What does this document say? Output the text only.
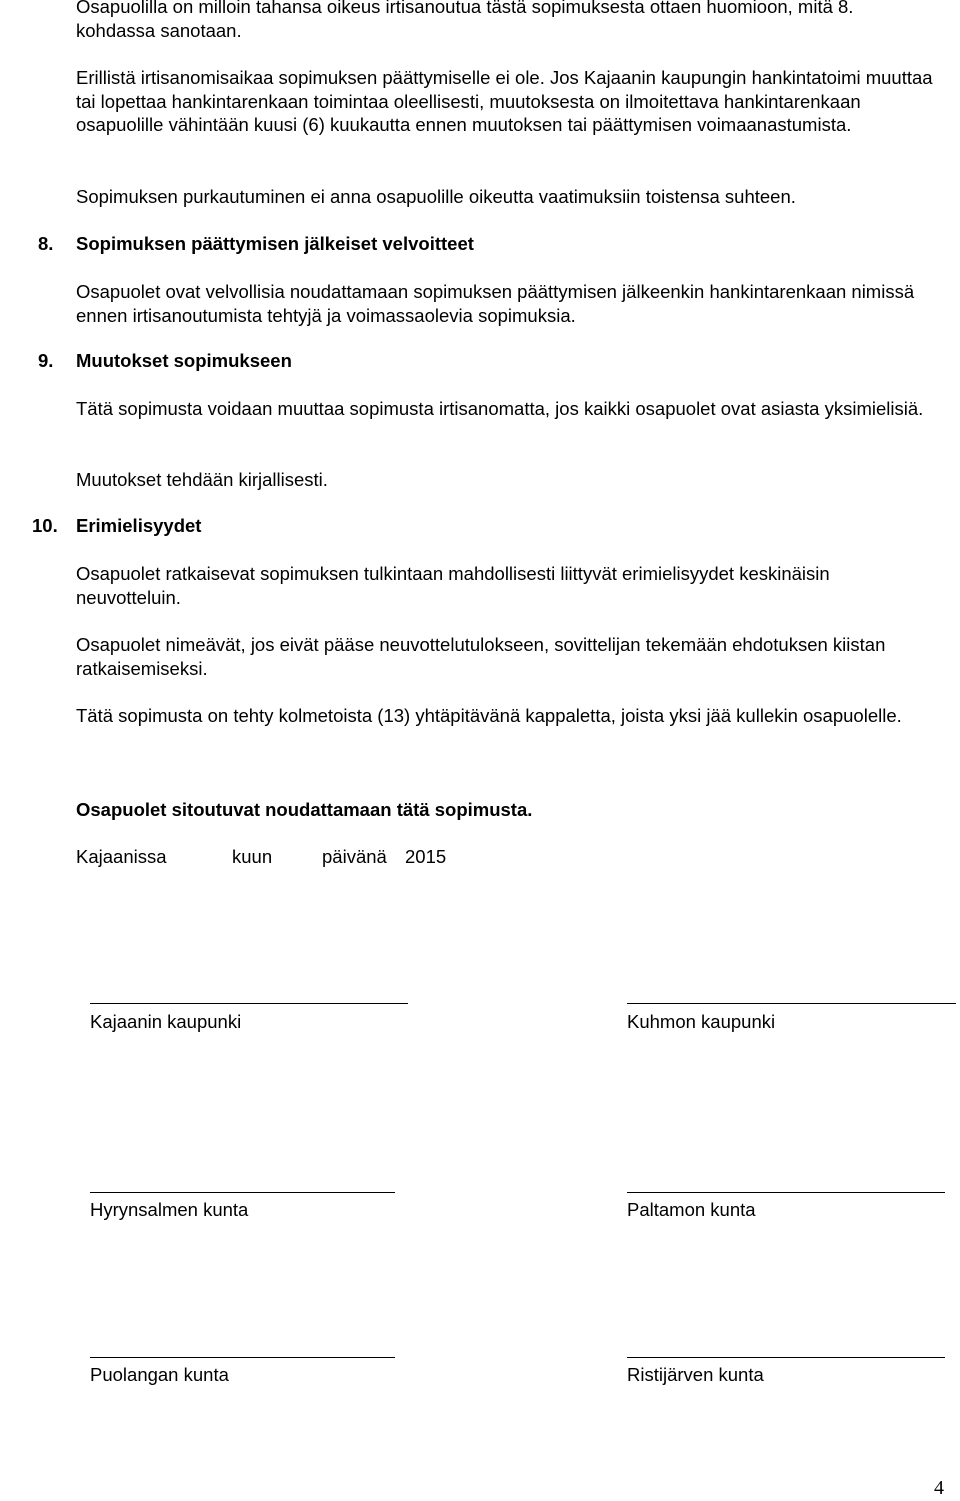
Osapuolilla on milloin tahansa oikeus irtisanoutua tästä sopimuksesta ottaen huomioon, mitä 8. kohdassa sanotaan.

Erillistä irtisanomisaikaa sopimuksen päättymiselle ei ole. Jos Kajaanin kaupungin hankintatoimi muuttaa tai lopettaa hankintarenkaan toimintaa oleellisesti, muutoksesta on ilmoitettava hankintarenkaan osapuolille vähintään kuusi (6) kuukautta ennen muutoksen tai päättymisen voimaanastumista.

Sopimuksen purkautuminen ei anna osapuolille oikeutta vaatimuksiin toistensa suhteen.

8. Sopimuksen päättymisen jälkeiset velvoitteet

Osapuolet ovat velvollisia noudattamaan sopimuksen päättymisen jälkeenkin hankintarenkaan nimissä ennen irtisanoutumista tehtyjä ja voimassaolevia sopimuksia.

9. Muutokset sopimukseen

Tätä sopimusta voidaan muuttaa sopimusta irtisanomatta, jos kaikki osapuolet ovat asiasta yksimielisiä.

Muutokset tehdään kirjallisesti.

10. Erimielisyydet

Osapuolet ratkaisevat sopimuksen tulkintaan mahdollisesti liittyvät erimielisyydet keskinäisin neuvotteluin.

Osapuolet nimeävät, jos eivät pääse neuvottelutulokseen, sovittelijan tekemään ehdotuksen kiistan ratkaisemiseksi.

Tätä sopimusta on tehty kolmetoista (13) yhtäpitävänä kappaletta, joista yksi jää kullekin osapuolelle.

Osapuolet sitoutuvat noudattamaan tätä sopimusta.

Kajaanissa	kuun	päivänä 2015
Kajaanin kaupunki	Kuhmon kaupunki
Hyrynsalmen kunta	Paltamon kunta
Puolangan kunta	Ristijärven kunta
4
